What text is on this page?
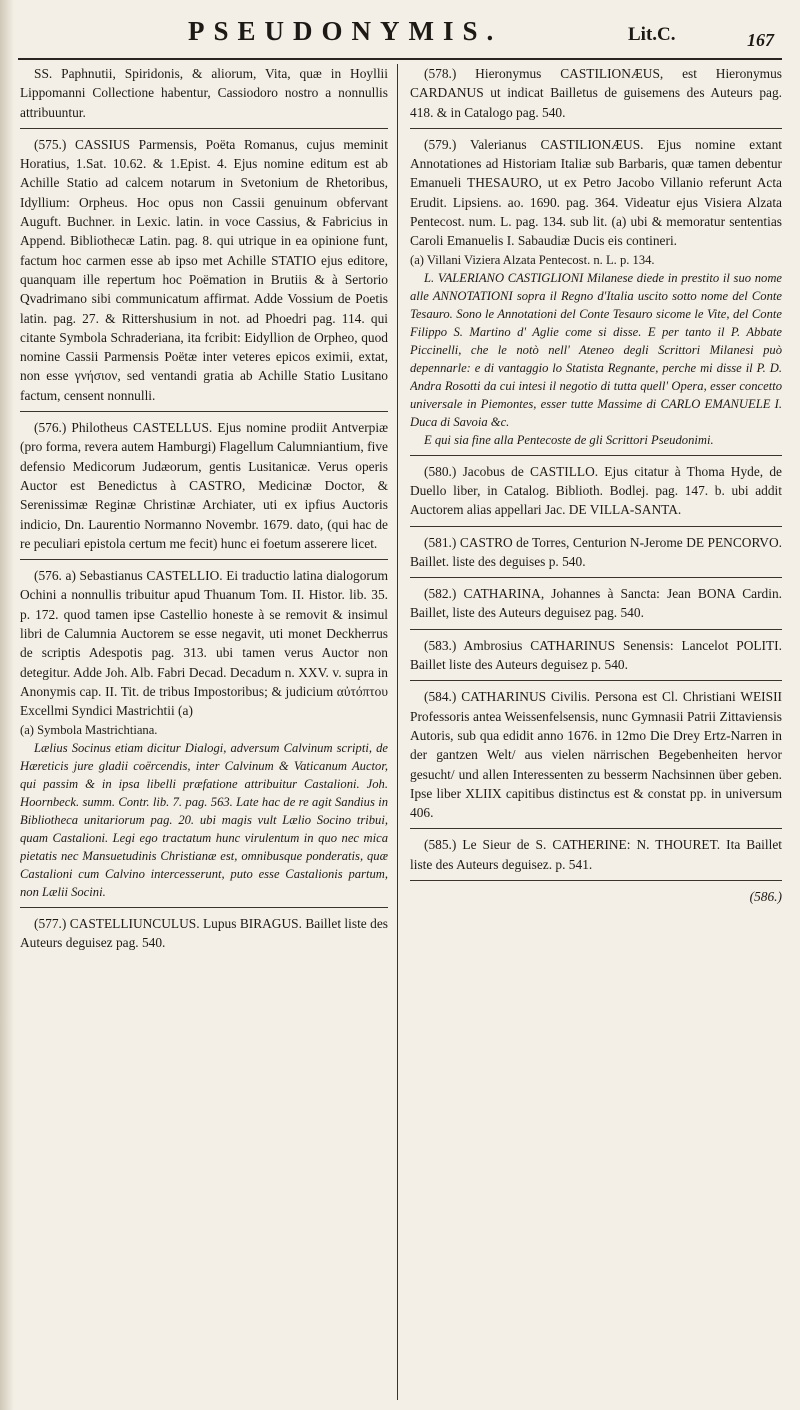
PSEUDONYMIS.	Lit.C.	167

SS. Paphnutii, Spiridonis, & aliorum, Vita, quæ in Hoyllii Lippomanni Collectione habentur, Cassiodoro nostro a nonnullis attribuuntur.

(575.) CASSIUS Parmensis, Poëta Romanus, cujus meminit Horatius, 1.Sat. 10.62. & 1.Epist. 4. Ejus nomine editum est ab Achille Statio ad calcem notarum in Svetonium de Rhetoribus, Idyllium: Orpheus. Hoc opus non Cassii genuinum obfervant Auguft. Buchner. in Lexic. latin. in voce Cassius, & Fabricius in Append. Bibliothecæ Latin. pag. 8. qui utrique in ea opinione funt, factum hoc carmen esse ab ipso met Achille STATIO ejus editore, quanquam ille repertum hoc Poëmation in Brutiis & à Sertorio Qvadrimano sibi communicatum affirmat. Adde Vossium de Poetis latin. pag. 27. & Rittershusium in not. ad Phoedri pag. 114. qui citante Symbola Schraderiana, ita fcribit: Eidyllion de Orpheo, quod nomine Cassii Parmensis Poëtæ inter veteres epicos eximii, extat, non esse γνήσιον, sed ventandi gratia ab Achille Statio Lusitano factum, censent nonnulli.

(576.) Philotheus CASTELLUS. Ejus nomine prodiit Antverpiæ (pro forma, revera autem Hamburgi) Flagellum Calumniantium, five defensio Medicorum Judæorum, gentis Lusitanicæ. Verus operis Auctor est Benedictus à CASTRO, Medicinæ Doctor, & Serenissimæ Reginæ Christinæ Archiater, uti ex ipfius Auctoris indicio, Dn. Laurentio Normanno Novembr. 1679. dato, (qui hac de re peculiari epistola certum me fecit) hunc ei foetum asserere licet.

(576. a) Sebastianus CASTELLIO. Ei traductio latina dialogorum Ochini a nonnullis tribuitur apud Thuanum Tom. II. Histor. lib. 35. p. 172. quod tamen ipse Castellio honeste à se removit & insimul libri de Calumnia Auctorem se esse negavit, uti monet Deckherrus de scriptis Adespotis pag. 313. ubi tamen verus Auctor non detegitur. Adde Joh. Alb. Fabri Decad. Decadum n. XXV. v. supra in Anonymis cap. II. Tit. de tribus Impostoribus; & judicium αὐτόπτου Excellmi Syndici Mastrichtii (a)

(a) Symbola Mastrichtiana.

Lælius Socinus etiam dicitur Dialogi, adversum Calvinum scripti, de Hæreticis jure gladii coërcendis, inter Calvinum & Vaticanum Auctor, qui passim & in ipsa libelli præfatione attribuitur Castalioni. Joh. Hoornbeck. summ. Contr. lib. 7. pag. 563. Late hac de re agit Sandius in Bibliotheca unitariorum pag. 20. ubi magis vult Lælio Socino tribui, quam Castalioni. Legi ego tractatum hunc virulentum in quo nec mica pietatis nec Mansuetudinis Christianæ est, omnibusque ponderatis, quæ Castalioni cum Calvino intercesserunt, puto esse Castalionis partum, non Lælii Socini.

(577.) CASTELLIUNCULUS. Lupus BIRAGUS. Baillet liste des Auteurs deguisez pag. 540.

(578.) Hieronymus CASTILIONÆUS, est Hieronymus CARDANUS ut indicat Bailletus de guisemens des Auteurs pag. 418. & in Catalogo pag. 540.

(579.) Valerianus CASTILIONÆUS. Ejus nomine extant Annotationes ad Historiam Italiæ sub Barbaris, quæ tamen debentur Emanueli THESAURO, ut ex Petro Jacobo Villanio referunt Acta Erudit. Lipsiens. ao. 1690. pag. 364. Videatur ejus Visiera Alzata Pentecost. num. L. pag. 134. sub lit. (a) ubi & memoratur sententias Caroli Emanuelis I. Sabaudiæ Ducis eis contineri.

(a) Villani Viziera Alzata Pentecost. n. L. p. 134.

L. VALERIANO CASTIGLIONI Milanese diede in prestito il suo nome alle ANNOTATIONI sopra il Regno d'Italia uscito sotto nome del Conte Tesauro. Sono le Annotationi del Conte Tesauro sicome le Vite, del Conte Filippo S. Martino d' Aglie come si disse. E per tanto il P. Abbate Piccinelli, che le notò nell' Ateneo degli Scrittori Milanesi può depennarle: e di vantaggio lo Statista Regnante, perche mi disse il P. D. Andra Rosotti da cui intesi il negotio di tutta quell' Opera, esser concetto universale in Piemontes, esser tutte Massime di CARLO EMANUELE I. Duca di Savoia &c.

E qui sia fine alla Pentecoste de gli Scrittori Pseudonimi.

(580.) Jacobus de CASTILLO. Ejus citatur à Thoma Hyde, de Duello liber, in Catalog. Biblioth. Bodlej. pag. 147. b. ubi addit Auctorem alias appellari Jac. DE VILLA-SANTA.

(581.) CASTRO de Torres, Centurion N-Jerome DE PENCORVO. Baillet. liste des deguises p. 540.

(582.) CATHARINA, Johannes à Sancta: Jean BONA Cardin. Baillet, liste des Auteurs deguisez pag. 540.

(583.) Ambrosius CATHARINUS Senensis: Lancelot POLITI. Baillet liste des Auteurs deguisez p. 540.

(584.) CATHARINUS Civilis. Persona est Cl. Christiani WEISII Professoris antea Weissenfelsensis, nunc Gymnasii Patrii Zittaviensis Autoris, sub qua edidit anno 1676. in 12mo Die Drey Ertz-Narren in der gantzen Welt/ aus vielen närrischen Begebenheiten hervor gesucht/ und allen Interessenten zu besserm Nachsinnen über geben. Ipse liber XLIIX capitibus distinctus est & constat pp. in universum 406.

(585.) Le Sieur de S. CATHERINE: N. THOURET. Ita Baillet liste des Auteurs deguisez. p. 541.

(586.)
